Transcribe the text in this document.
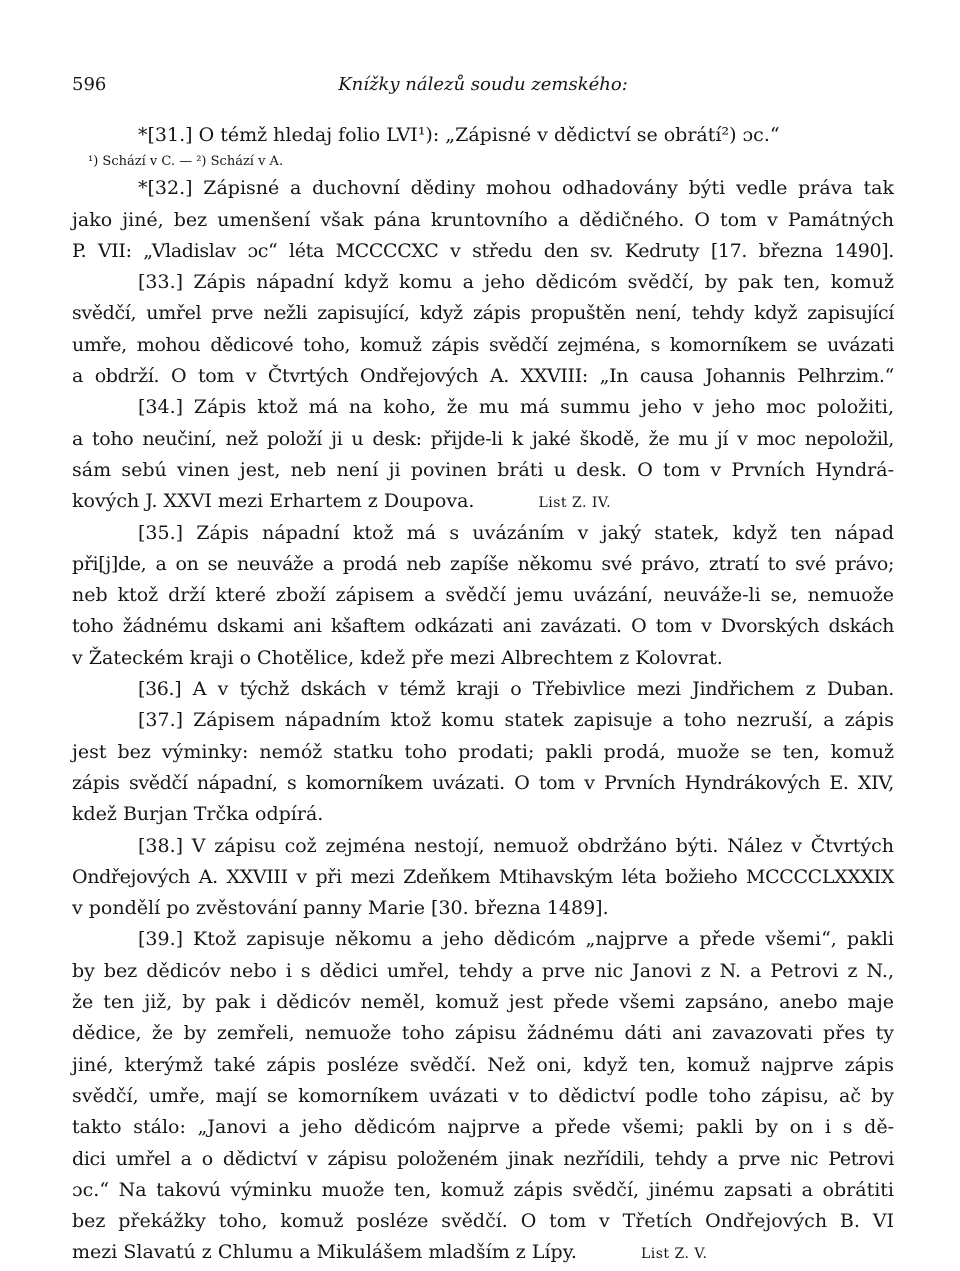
596	Knížky nálezů soudu zemského:
*[31.] O témž hledaj folio LVI¹): „Zápisné v dědictví se obrátí²) ɔc.“
¹) Schází v C. — ²) Schází v A.
*[32.] Zápisné a duchovní dědiny mohou odhadovány býti vedle práva tak
jako jiné, bez umenšení však pána kruntovního a dědičného. O tom v Památných
P. VII: „Vladislav ɔc“ léta MCCCCXC v středu den sv. Kedruty [17. března 1490].
[33.] Zápis nápadní když komu a jeho dědicóm svědčí, by pak ten, komuž
svědčí, umřel prve nežli zapisující, když zápis propuštěn není, tehdy když zapisující
umře, mohou dědicové toho, komuž zápis svědčí zejména, s komorníkem se uvázati
a obdrží. O tom v Čtvrtých Ondřejových A. XXVIII: „In causa Johannis Pelhrzim.“
[34.] Zápis ktož má na koho, že mu má summu jeho v jeho moc položiti,
a toho neučiní, než položí ji u desk: přijde-li k jaké škodě, že mu jí v moc nepoložil,
sám sebú vinen jest, neb není ji povinen bráti u desk. O tom v Prvních Hyndrá-
kových J. XXVI mezi Erhartem z Doupova.	List Z. IV.
[35.] Zápis nápadní ktož má s uvázáním v jaký statek, když ten nápad
při[j]de, a on se neuváže a prodá neb zapíše někomu své právo, ztratí to své právo;
neb ktož drží které zboží zápisem a svědčí jemu uvázání, neuváže-li se, nemuože
toho žádnému dskami ani kšaftem odkázati ani zavázati. O tom v Dvorských dskách
v Žateckém kraji o Chotělice, kdež pře mezi Albrechtem z Kolovrat.
[36.] A v týchž dskách v témž kraji o Třebivlice mezi Jindřichem z Duban.
[37.] Zápisem nápadním ktož komu statek zapisuje a toho nezruší, a zápis
jest bez výminky: nemóž statku toho prodati; pakli prodá, muože se ten, komuž
zápis svědčí nápadní, s komorníkem uvázati. O tom v Prvních Hyndrákových E. XIV,
kdež Burjan Trčka odpírá.
[38.] V zápisu což zejména nestojí, nemuož obdržáno býti. Nález v Čtvrtých
Ondřejových A. XXVIII v při mezi Zdeňkem Mtihavským léta božieho MCCCCLXXXIX
v pondělí po zvěstování panny Marie [30. března 1489].
[39.] Ktož zapisuje někomu a jeho dědicóm „najprve a přede všemi“, pakli
by bez dědicóv nebo i s dědici umřel, tehdy a prve nic Janovi z N. a Petrovi z N.,
že ten již, by pak i dědicóv neměl, komuž jest přede všemi zapsáno, anebo maje
dědice, že by zemřeli, nemuože toho zápisu žádnému dáti ani zavazovati přes ty
jiné, kterýmž také zápis posléze svědčí. Než oni, když ten, komuž najprve zápis
svědčí, umře, mají se komorníkem uvázati v to dědictví podle toho zápisu, ač by
takto stálo: „Janovi a jeho dědicóm najprve a přede všemi; pakli by on i s dě-
dici umřel a o dědictví v zápisu položeném jinak nezřídili, tehdy a prve nic Petrovi
ɔc.“ Na takovú výminku muože ten, komuž zápis svědčí, jinému zapsati a obrátiti
bez překážky toho, komuž posléze svědčí. O tom v Třetích Ondřejových B. VI
mezi Slavatú z Chlumu a Mikulášem mladším z Lípy.	List Z. V.
